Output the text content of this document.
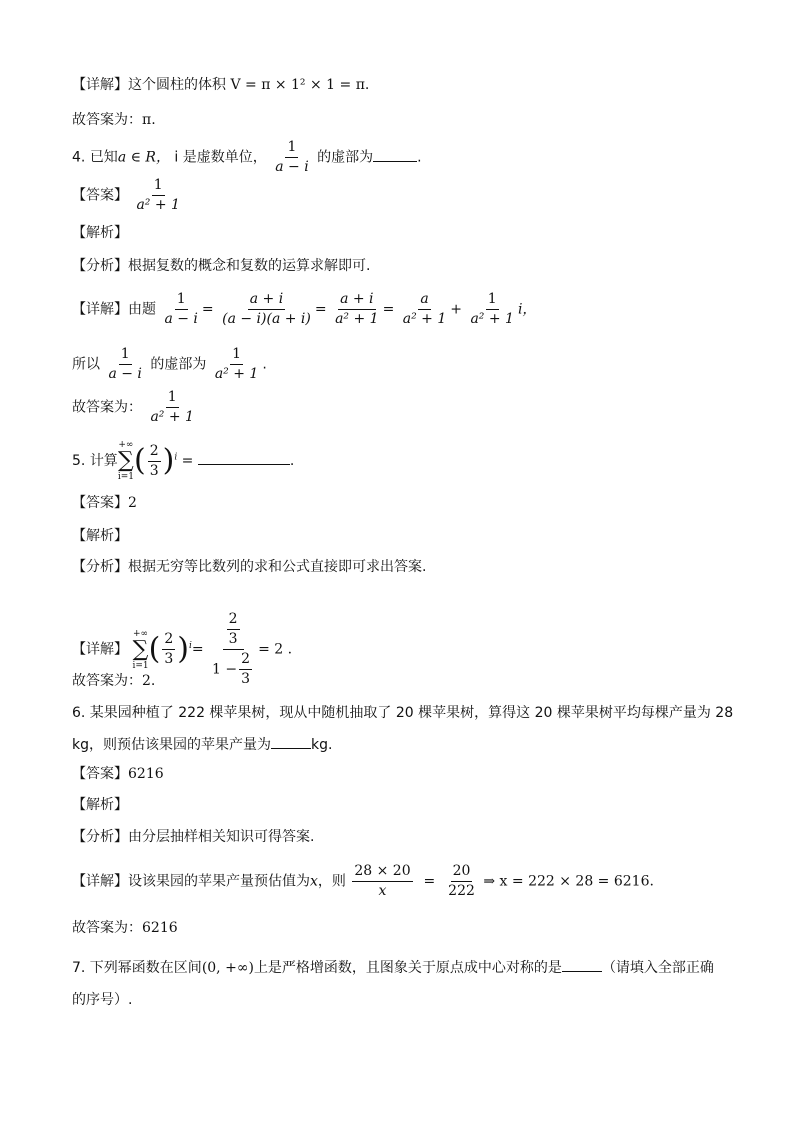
【详解】这个圆柱的体积 V = π × 1² × 1 = π.
故答案为：π.
4. 已知a ∈ R， i 是虚数单位， $\frac{1}{a - i}$ 的虚部为	.
【答案】 $\frac{1}{\text{a² + 1}}$
【解析】
【分析】根据复数的概念和复数的运算求解即可.
【详解】由题 $\frac{1}{a - i} = \frac{a + i}{(a - i)(a + i)} = \frac{a + i}{\text{a² + 1}} = \frac{a}{\text{a² + 1}} + \frac{1}{\text{a² + 1}}$ i，
所以 $\frac{1}{a - i}$ 的虚部为 $\frac{1}{\text{a² + 1}}$ .
故答案为： $\frac{1}{\text{a² + 1}}$
5. 计算
+∞
∑
i=1 ( $\frac{2}{3} )^i$ =	.
【答案】2
【解析】
【分析】根据无穷等比数列的求和公式直接即可求出答案.
【详解】
+∞
∑
i=1 ( $\frac{2}{3} )^i= \frac{\frac{2}{3}}{1 - \frac{2}{3}} = 2$ .
故答案为：2.
6. 某果园种植了 222 棵苹果树，现从中随机抽取了 20 棵苹果树，算得这 20 棵苹果树平均每棵产量为 28
kg，则预估该果园的苹果产量为	kg.
【答案】6216
【解析】
【分析】由分层抽样相关知识可得答案.
【详解】设该果园的苹果产量预估值为x，则 $\frac{28 \times 20}{x} = \frac{20}{222}$ ⇒ x = 222 × 28 = 6216.
故答案为：6216
7. 下列幂函数在区间(0, +∞)上是严格增函数，且图象关于原点成中心对称的是	（请填入全部正确
的序号）.
